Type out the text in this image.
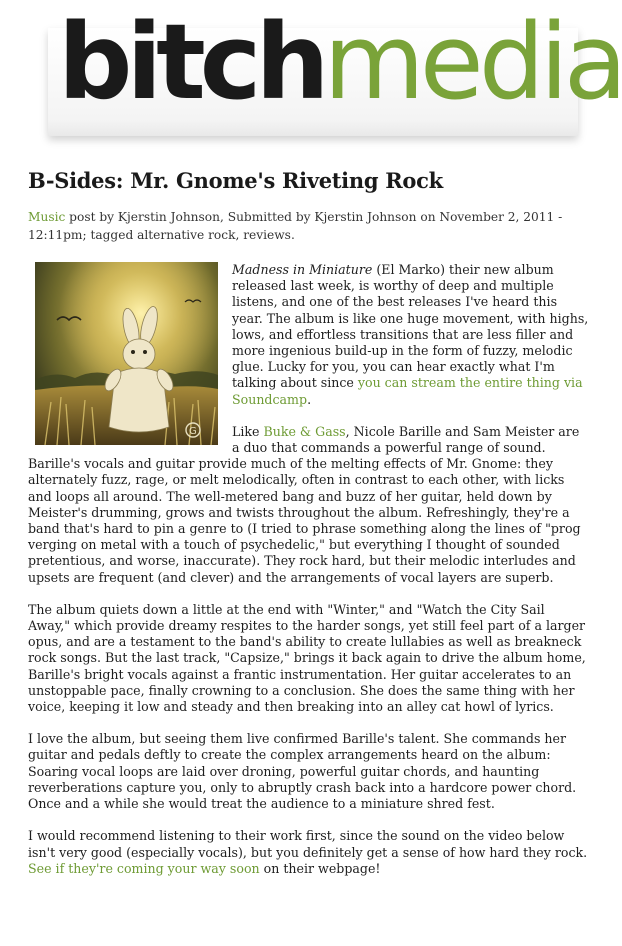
bitchmedia
B-Sides: Mr. Gnome's Riveting Rock
Music post by Kjerstin Johnson, Submitted by Kjerstin Johnson on November 2, 2011 - 12:11pm; tagged alternative rock, reviews.

Madness in Miniature (El Marko) their new album released last week, is worthy of deep and multiple listens, and one of the best releases I've heard this year. The album is like one huge movement, with highs, lows, and effortless transitions that are less filler and more ingenious build-up in the form of fuzzy, melodic glue. Lucky for you, you can hear exactly what I'm talking about since you can stream the entire thing via Soundcamp.

Like Buke & Gass, Nicole Barille and Sam Meister are a duo that commands a powerful range of sound.
Barille's vocals and guitar provide much of the melting effects of Mr. Gnome: they alternately fuzz, rage, or melt melodically, often in contrast to each other, with licks and loops all around. The well-metered bang and buzz of her guitar, held down by Meister's drumming, grows and twists throughout the album. Refreshingly, they're a band that's hard to pin a genre to (I tried to phrase something along the lines of "prog verging on metal with a touch of psychedelic," but everything I thought of sounded pretentious, and worse, inaccurate). They rock hard, but their melodic interludes and upsets are frequent (and clever) and the arrangements of vocal layers are superb.

The album quiets down a little at the end with "Winter," and "Watch the City Sail Away," which provide dreamy respites to the harder songs, yet still feel part of a larger opus, and are a testament to the band's ability to create lullabies as well as breakneck rock songs. But the last track, "Capsize," brings it back again to drive the album home, Barille's bright vocals against a frantic instrumentation. Her guitar accelerates to an unstoppable pace, finally crowning to a conclusion. She does the same thing with her voice, keeping it low and steady and then breaking into an alley cat howl of lyrics.

I love the album, but seeing them live confirmed Barille's talent. She commands her guitar and pedals deftly to create the complex arrangements heard on the album: Soaring vocal loops are laid over droning, powerful guitar chords, and haunting reverberations capture you, only to abruptly crash back into a hardcore power chord. Once and a while she would treat the audience to a miniature shred fest.

I would recommend listening to their work first, since the sound on the video below isn't very good (especially vocals), but you definitely get a sense of how hard they rock. See if they're coming your way soon on their webpage!

G
